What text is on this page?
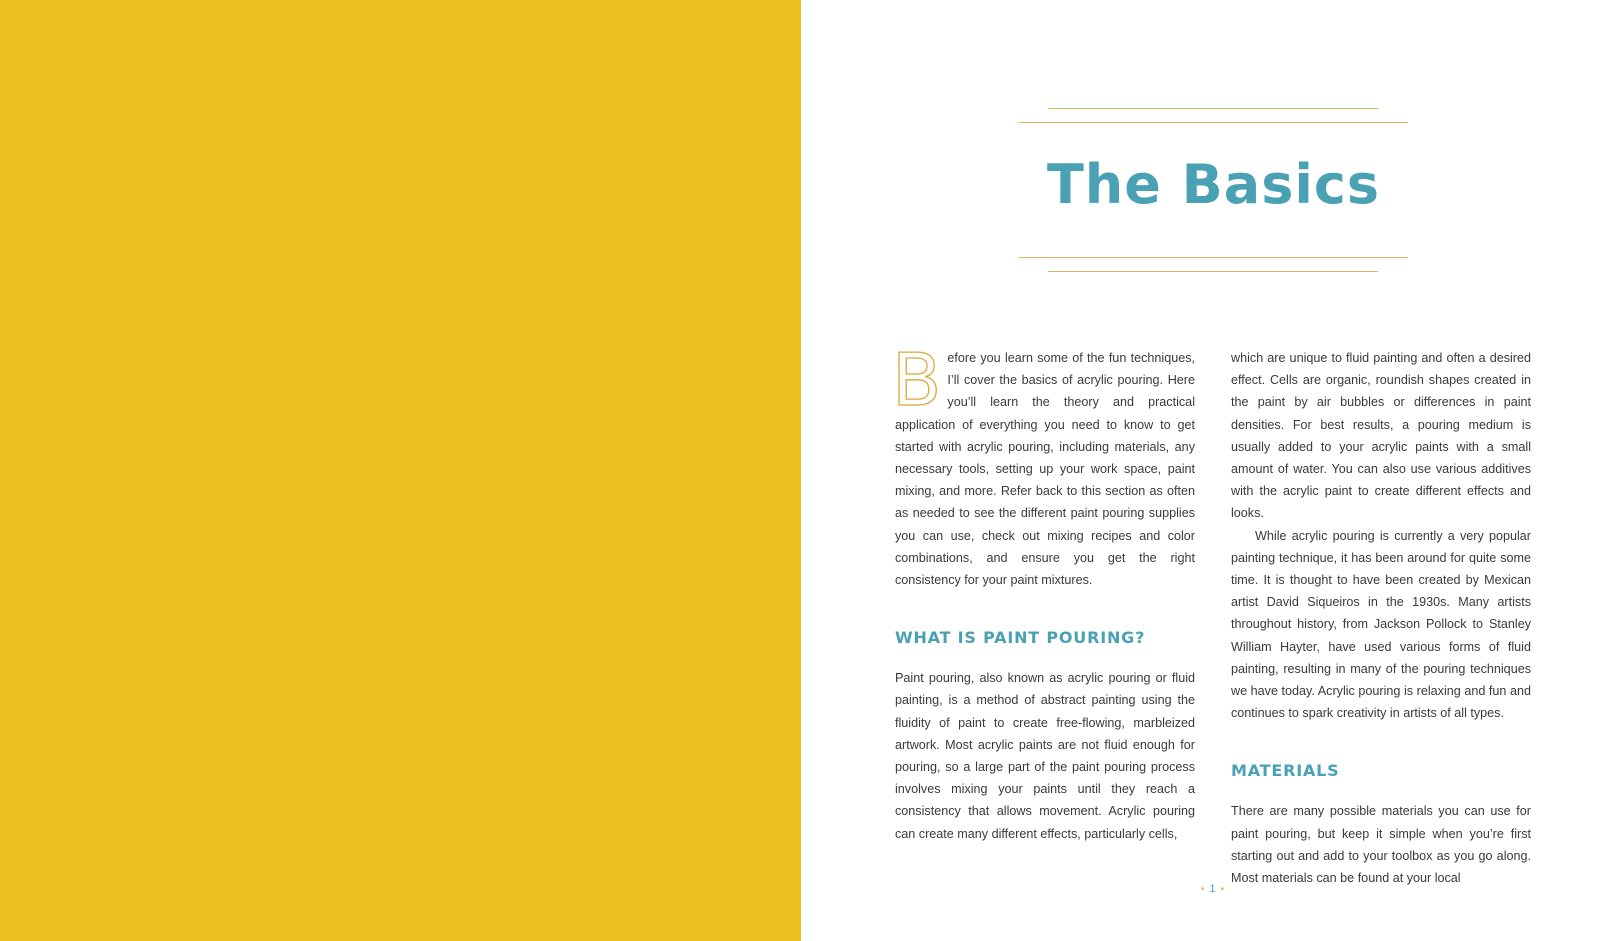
The Basics

Before you learn some of the fun techniques, I’ll cover the basics of acrylic pouring. Here you’ll learn the theory and practical application of everything you need to know to get started with acrylic pouring, including materials, any necessary tools, setting up your work space, paint mixing, and more. Refer back to this section as often as needed to see the different paint pouring supplies you can use, check out mixing recipes and color combinations, and ensure you get the right consistency for your paint mixtures.

WHAT IS PAINT POURING?

Paint pouring, also known as acrylic pouring or fluid painting, is a method of abstract painting using the fluidity of paint to create free-flowing, marbleized artwork. Most acrylic paints are not fluid enough for pouring, so a large part of the paint pouring process involves mixing your paints until they reach a consistency that allows movement. Acrylic pouring can create many different effects, particularly cells,

which are unique to fluid painting and often a desired effect. Cells are organic, roundish shapes created in the paint by air bubbles or differences in paint densities. For best results, a pouring medium is usually added to your acrylic paints with a small amount of water. You can also use various additives with the acrylic paint to create different effects and looks.

While acrylic pouring is currently a very popular painting technique, it has been around for quite some time. It is thought to have been created by Mexican artist David Siqueiros in the 1930s. Many artists throughout history, from Jackson Pollock to Stanley William Hayter, have used various forms of fluid painting, resulting in many of the pouring techniques we have today. Acrylic pouring is relaxing and fun and continues to spark creativity in artists of all types.

MATERIALS

There are many possible materials you can use for paint pouring, but keep it simple when you’re first starting out and add to your toolbox as you go along. Most materials can be found at your local

• 1 •
